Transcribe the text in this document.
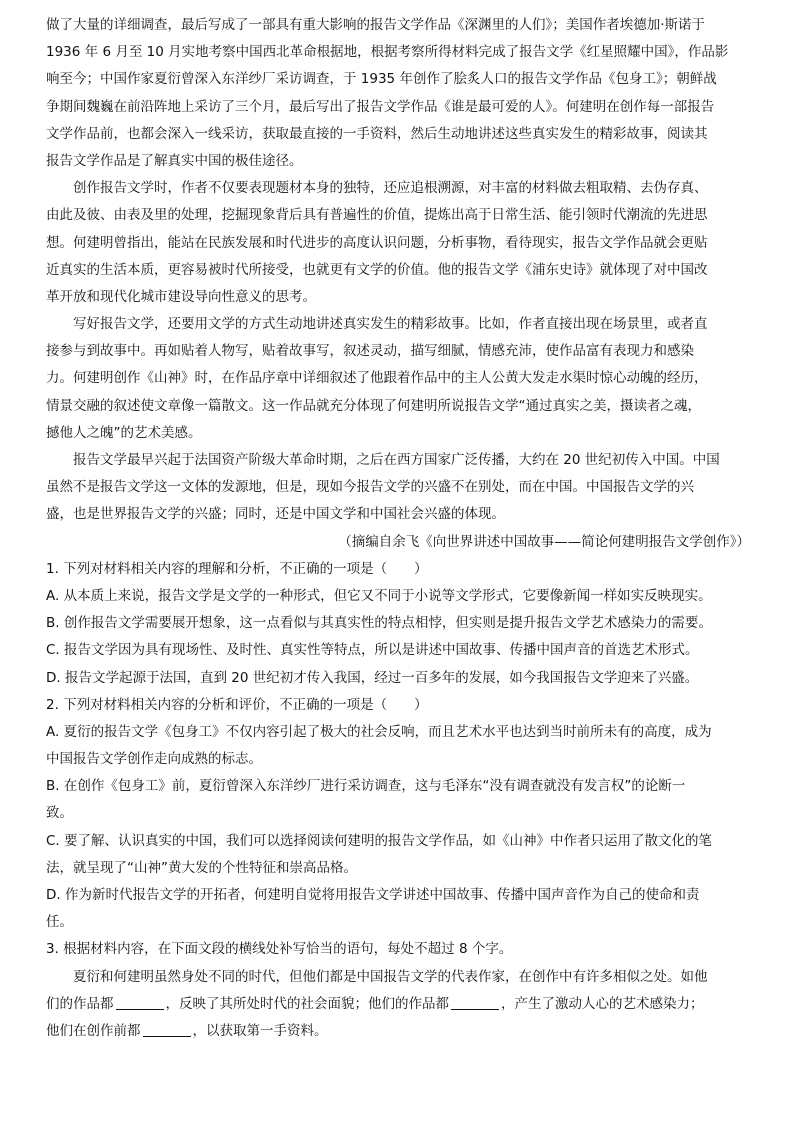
做了大量的详细调查，最后写成了一部具有重大影响的报告文学作品《深渊里的人们》；美国作者埃德加·斯诺于
1936 年 6 月至 10 月实地考察中国西北革命根据地，根据考察所得材料完成了报告文学《红星照耀中国》，作品影
响至今；中国作家夏衍曾深入东洋纱厂采访调查，于 1935 年创作了脍炙人口的报告文学作品《包身工》；朝鲜战
争期间魏巍在前沿阵地上采访了三个月，最后写出了报告文学作品《谁是最可爱的人》。何建明在创作每一部报告
文学作品前，也都会深入一线采访，获取最直接的一手资料，然后生动地讲述这些真实发生的精彩故事，阅读其
报告文学作品是了解真实中国的极佳途径。
创作报告文学时，作者不仅要表现题材本身的独特，还应追根溯源，对丰富的材料做去粗取精、去伪存真、
由此及彼、由表及里的处理，挖掘现象背后具有普遍性的价值，提炼出高于日常生活、能引领时代潮流的先进思
想。何建明曾指出，能站在民族发展和时代进步的高度认识问题，分析事物，看待现实，报告文学作品就会更贴
近真实的生活本质，更容易被时代所接受，也就更有文学的价值。他的报告文学《浦东史诗》就体现了对中国改
革开放和现代化城市建设导向性意义的思考。
写好报告文学，还要用文学的方式生动地讲述真实发生的精彩故事。比如，作者直接出现在场景里，或者直
接参与到故事中。再如贴着人物写，贴着故事写，叙述灵动，描写细腻，情感充沛，使作品富有表现力和感染
力。何建明创作《山神》时，在作品序章中详细叙述了他跟着作品中的主人公黄大发走水渠时惊心动魄的经历，
情景交融的叙述使文章像一篇散文。这一作品就充分体现了何建明所说报告文学“通过真实之美，摄读者之魂，
撼他人之魄”的艺术美感。
报告文学最早兴起于法国资产阶级大革命时期，之后在西方国家广泛传播，大约在 20 世纪初传入中国。中国
虽然不是报告文学这一文体的发源地，但是，现如今报告文学的兴盛不在别处，而在中国。中国报告文学的兴
盛，也是世界报告文学的兴盛；同时，还是中国文学和中国社会兴盛的体现。
（摘编自余飞《向世界讲述中国故事——简论何建明报告文学创作》）
1. 下列对材料相关内容的理解和分析，不正确的一项是（　　）
A. 从本质上来说，报告文学是文学的一种形式，但它又不同于小说等文学形式，它要像新闻一样如实反映现实。
B. 创作报告文学需要展开想象，这一点看似与其真实性的特点相悖，但实则是提升报告文学艺术感染力的需要。
C. 报告文学因为具有现场性、及时性、真实性等特点，所以是讲述中国故事、传播中国声音的首选艺术形式。
D. 报告文学起源于法国，直到 20 世纪初才传入我国，经过一百多年的发展，如今我国报告文学迎来了兴盛。
2. 下列对材料相关内容的分析和评价，不正确的一项是（　　）
A. 夏衍的报告文学《包身工》不仅内容引起了极大的社会反响，而且艺术水平也达到当时前所未有的高度，成为
中国报告文学创作走向成熟的标志。
B. 在创作《包身工》前，夏衍曾深入东洋纱厂进行采访调查，这与毛泽东“没有调查就没有发言权”的论断一
致。
C. 要了解、认识真实的中国，我们可以选择阅读何建明的报告文学作品，如《山神》中作者只运用了散文化的笔
法，就呈现了“山神”黄大发的个性特征和崇高品格。
D. 作为新时代报告文学的开拓者，何建明自觉将用报告文学讲述中国故事、传播中国声音作为自己的使命和责
任。
3. 根据材料内容，在下面文段的横线处补写恰当的语句，每处不超过 8 个字。
夏衍和何建明虽然身处不同的时代，但他们都是中国报告文学的代表作家，在创作中有许多相似之处。如他
们的作品都	，反映了其所处时代的社会面貌；他们的作品都	，产生了激动人心的艺术感染力；
他们在创作前都	，以获取第一手资料。
